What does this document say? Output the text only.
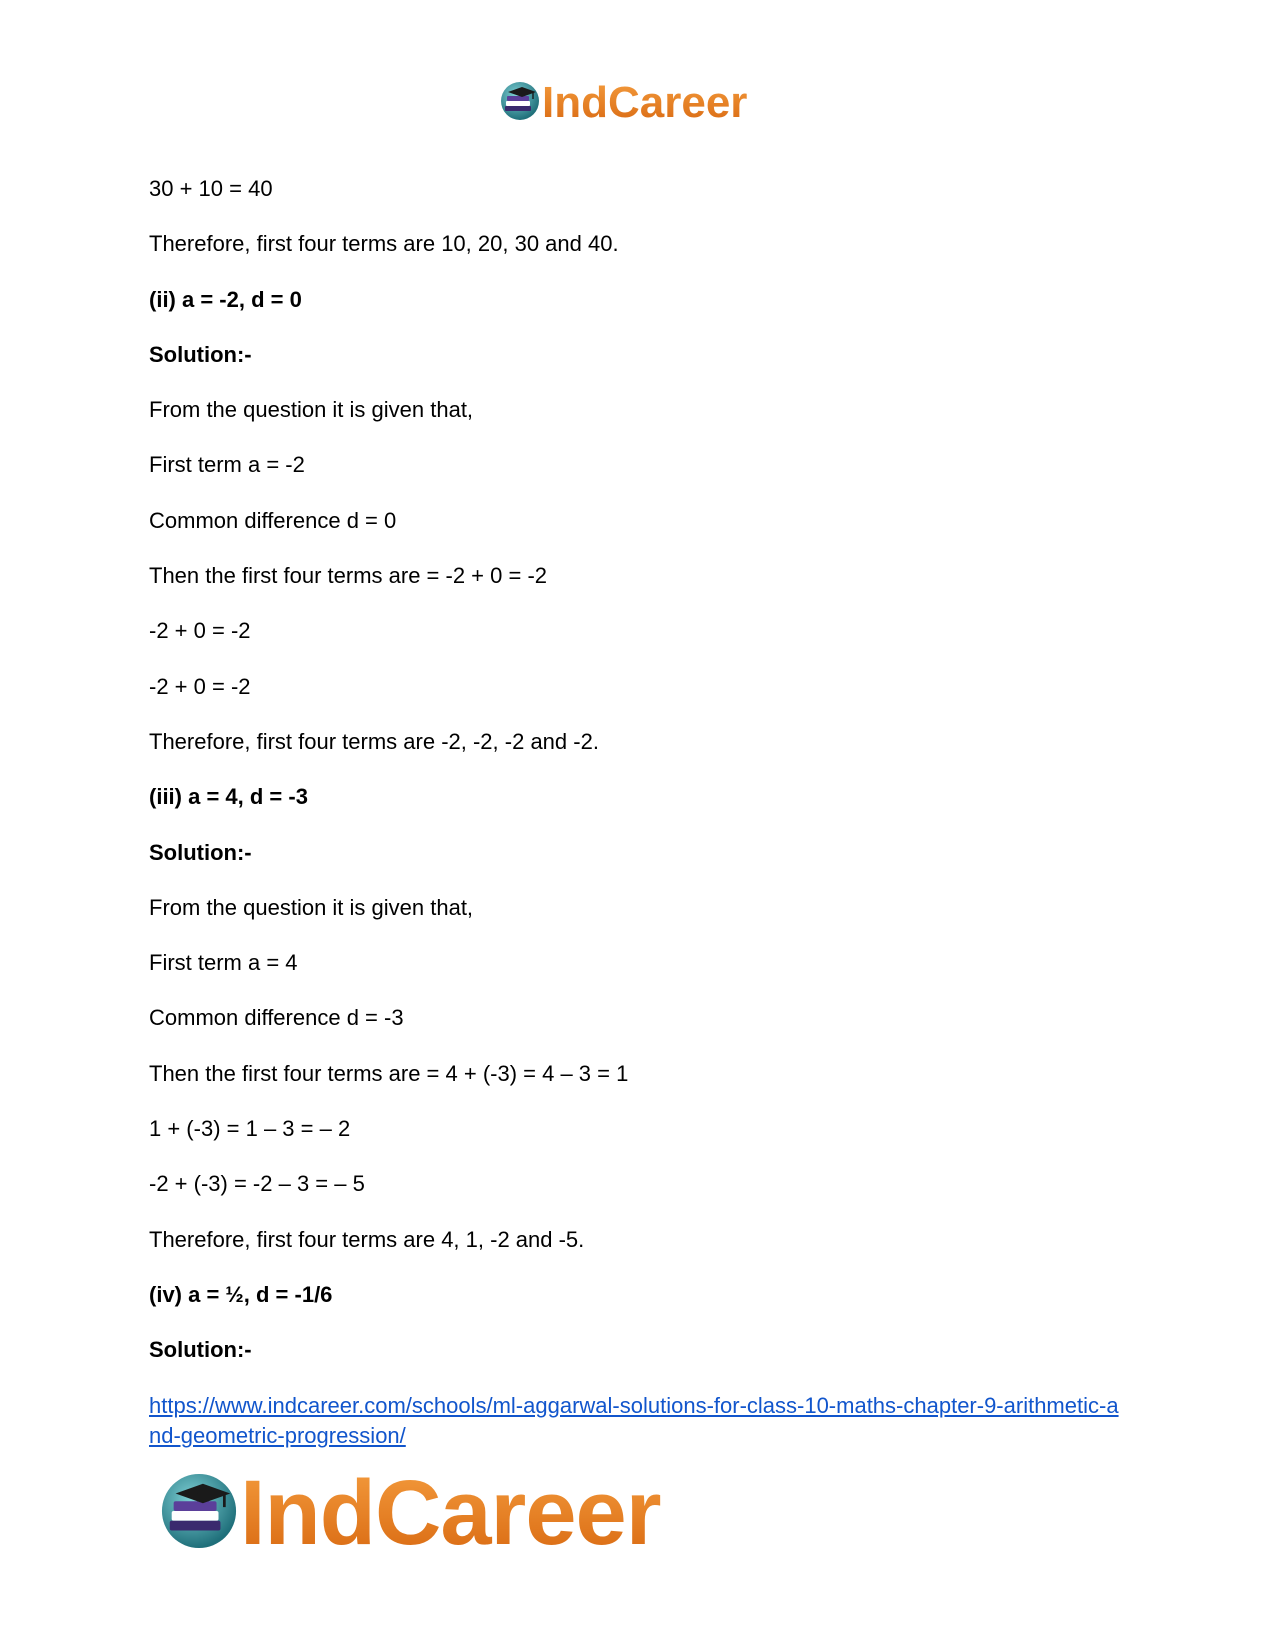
IndCareer
30 + 10 = 40
Therefore, first four terms are 10, 20, 30 and 40.
(ii) a = -2, d = 0
Solution:-
From the question it is given that,
First term a = -2
Common difference d = 0
Then the first four terms are = -2 + 0 = -2
-2 + 0 = -2
-2 + 0 = -2
Therefore, first four terms are -2, -2, -2 and -2.
(iii) a = 4, d = -3
Solution:-
From the question it is given that,
First term a = 4
Common difference d = -3
Then the first four terms are = 4 + (-3) = 4 – 3 = 1
1 + (-3) = 1 – 3 = – 2
-2 + (-3) = -2 – 3 = – 5
Therefore, first four terms are 4, 1, -2 and -5.
(iv) a = ½, d = -1/6
Solution:-
https://www.indcareer.com/schools/ml-aggarwal-solutions-for-class-10-maths-chapter-9-arithmetic-and-geometric-progression/
IndCareer
